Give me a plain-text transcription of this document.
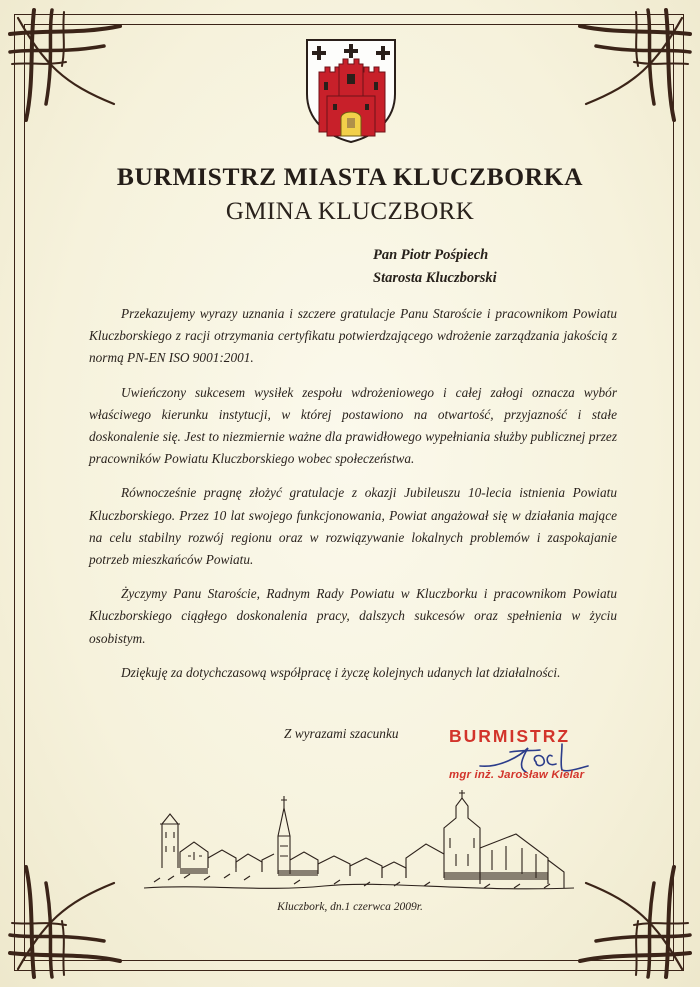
BURMISTRZ MIASTA KLUCZBORKA
GMINA KLUCZBORK
Pan Piotr Pośpiech
Starosta Kluczborski

Przekazujemy wyrazy uznania i szczere gratulacje Panu Staroście i pracownikom Powiatu Kluczborskiego z racji otrzymania certyfikatu potwierdzającego wdrożenie zarządzania jakością z normą PN-EN ISO 9001:2001.

Uwieńczony sukcesem wysiłek zespołu wdrożeniowego i całej załogi oznacza wybór właściwego kierunku instytucji, w której postawiono na otwartość, przyjazność i stałe doskonalenie się. Jest to niezmiernie ważne dla prawidłowego wypełniania służby publicznej przez pracowników Powiatu Kluczborskiego wobec społeczeństwa.

Równocześnie pragnę złożyć gratulacje z okazji Jubileuszu 10-lecia istnienia Powiatu Kluczborskiego. Przez 10 lat swojego funkcjonowania, Powiat angażował się w działania mające na celu stabilny rozwój regionu oraz w rozwiązywanie lokalnych problemów i zaspokajanie potrzeb mieszkańców Powiatu.

Życzymy Panu Staroście, Radnym Rady Powiatu w Kluczborku i pracownikom Powiatu Kluczborskiego ciągłego doskonalenia pracy, dalszych sukcesów oraz spełnienia w życiu osobistym.

Dziękuję za dotychczasową współpracę i życzę kolejnych udanych lat działalności.

Z wyrazami szacunku	BURMISTRZ
mgr inż. Jarosław Kielar
Kluczbork, dn.1 czerwca 2009r.
